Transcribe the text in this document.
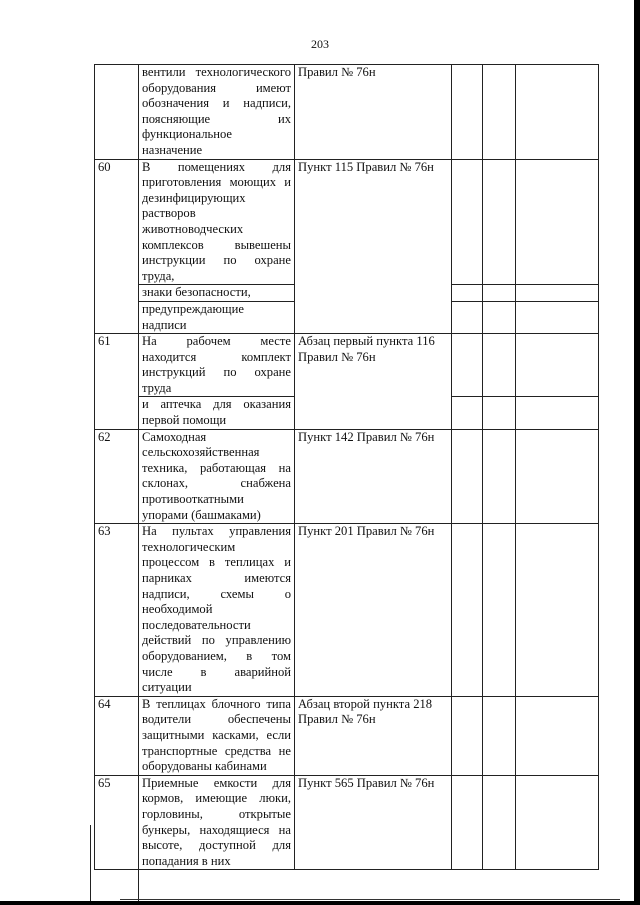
203
	вентили технологического оборудования имеют обозначения и надписи, поясняющие их функциональное назначение	Правил № 76н			
60	В помещениях для приготовления моющих и дезинфицирующих растворов животноводческих комплексов вывешены инструкции по охране труда,	Пункт 115 Правил № 76н			
	знаки безопасности,				
	предупреждающие надписи				
61	На рабочем месте находится комплект инструкций по охране труда	Абзац первый пункта 116 Правил № 76н			
	и аптечка для оказания первой помощи				
62	Самоходная сельскохозяйственная техника, работающая на склонах, снабжена противооткатными упорами (башмаками)	Пункт 142 Правил № 76н			
63	На пультах управления технологическим процессом в теплицах и парниках имеются надписи, схемы о необходимой последовательности действий по управлению оборудованием, в том числе в аварийной ситуации	Пункт 201 Правил № 76н			
64	В теплицах блочного типа водители обеспечены защитными касками, если транспортные средства не оборудованы кабинами	Абзац второй пункта 218 Правил № 76н			
65	Приемные емкости для кормов, имеющие люки, горловины, открытые бункеры, находящиеся на высоте, доступной для попадания в них	Пункт 565 Правил № 76н			
